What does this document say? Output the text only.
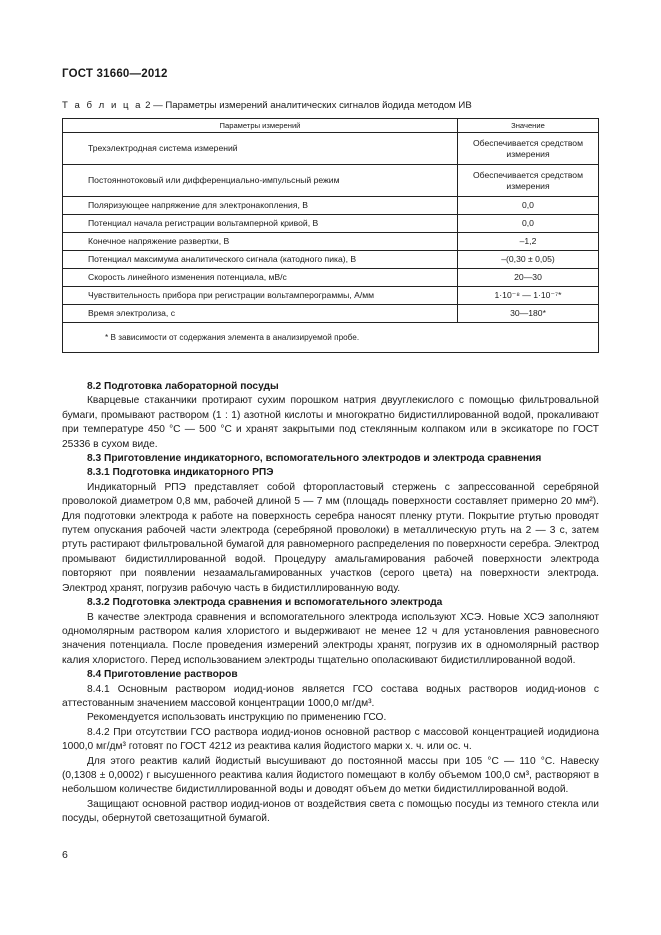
ГОСТ 31660—2012
Т а б л и ц а 2 — Параметры измерений аналитических сигналов йодида методом ИВ
Параметры измерений	Значение
Трехэлектродная система измерений	Обеспечивается средством измерения
Постояннотоковый или дифференциально-импульсный режим	Обеспечивается средством измерения
Поляризующее напряжение для электронакопления, В	0,0
Потенциал начала регистрации вольтамперной кривой, В	0,0
Конечное напряжение развертки, В	–1,2
Потенциал максимума аналитического сигнала (катодного пика), В	–(0,30 ± 0,05)
Скорость линейного изменения потенциала, мВ/с	20—30
Чувствительность прибора при регистрации вольтамперограммы, А/мм	1·10⁻⁸ — 1·10⁻⁷*
Время электролиза, с	30—180*
* В зависимости от содержания элемента в анализируемой пробе.	

8.2 Подготовка лабораторной посуды

Кварцевые стаканчики протирают сухим порошком натрия двууглекислого с помощью фильтровальной бумаги, промывают раствором (1 : 1) азотной кислоты и многократно бидистиллированной водой, прокаливают при температуре 450 °С — 500 °С и хранят закрытыми под стеклянным колпаком или в эксикаторе по ГОСТ 25336 в сухом виде.

8.3 Приготовление индикаторного, вспомогательного электродов и электрода сравнения

8.3.1 Подготовка индикаторного РПЭ

Индикаторный РПЭ представляет собой фторопластовый стержень с запрессованной серебряной проволокой диаметром 0,8 мм, рабочей длиной 5 — 7 мм (площадь поверхности составляет примерно 20 мм²). Для подготовки электрода к работе на поверхность серебра наносят пленку ртути. Покрытие ртутью проводят путем опускания рабочей части электрода (серебряной проволоки) в металлическую ртуть на 2 — 3 с, затем ртуть растирают фильтровальной бумагой для равномерного распределения по поверхности серебра. Электрод промывают бидистиллированной водой. Процедуру амальгамирования рабочей поверхности электрода повторяют при появлении незаамальгамированных участков (серого цвета) на поверхности электрода. Электрод хранят, погрузив рабочую часть в бидистиллированную воду.

8.3.2 Подготовка электрода сравнения и вспомогательного электрода

В качестве электрода сравнения и вспомогательного электрода используют ХСЭ. Новые ХСЭ заполняют одномолярным раствором калия хлористого и выдерживают не менее 12 ч для установления равновесного значения потенциала. После проведения измерений электроды хранят, погрузив их в одномолярный раствор калия хлористого. Перед использованием электроды тщательно ополаскивают бидистиллированной водой.

8.4 Приготовление растворов

8.4.1 Основным раствором иодид-ионов является ГСО состава водных растворов иодид-ионов с аттестованным значением массовой концентрации 1000,0 мг/дм³.

Рекомендуется использовать инструкцию по применению ГСО.

8.4.2 При отсутствии ГСО раствора иодид-ионов основной раствор с массовой концентрацией иодидиона 1000,0 мг/дм³ готовят по ГОСТ 4212 из реактива калия йодистого марки х. ч. или ос. ч.

Для этого реактив калий йодистый высушивают до постоянной массы при 105 °С — 110 °С. Навеску (0,1308 ± 0,0002) г высушенного реактива калия йодистого помещают в колбу объемом 100,0 см³, растворяют в небольшом количестве бидистиллированной воды и доводят объем до метки бидистиллированной водой.

Защищают основной раствор иодид-ионов от воздействия света с помощью посуды из темного стекла или посуды, обернутой светозащитной бумагой.

6
